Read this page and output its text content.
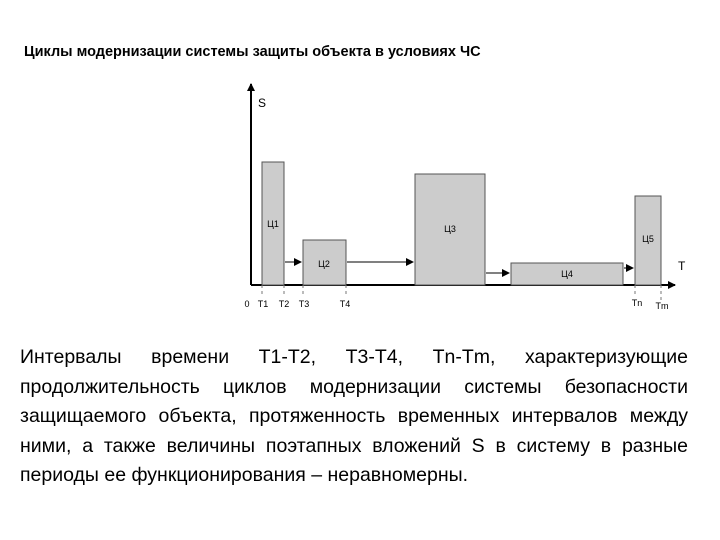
Циклы модернизации системы защиты объекта в условиях ЧС
S
T
Ц1
Ц2
Ц3
Ц4
Ц5
0 T1 T2 T3	T4	Tn Tm
Интервалы времени Т1-Т2, Т3-Т4, Тn-Tm, характеризующие продолжительность циклов модернизации системы безопасности защищаемого объекта, протяженность временных интервалов между ними, а также величины поэтапных вложений S в систему в разные периоды ее функционирования – неравномерны.
